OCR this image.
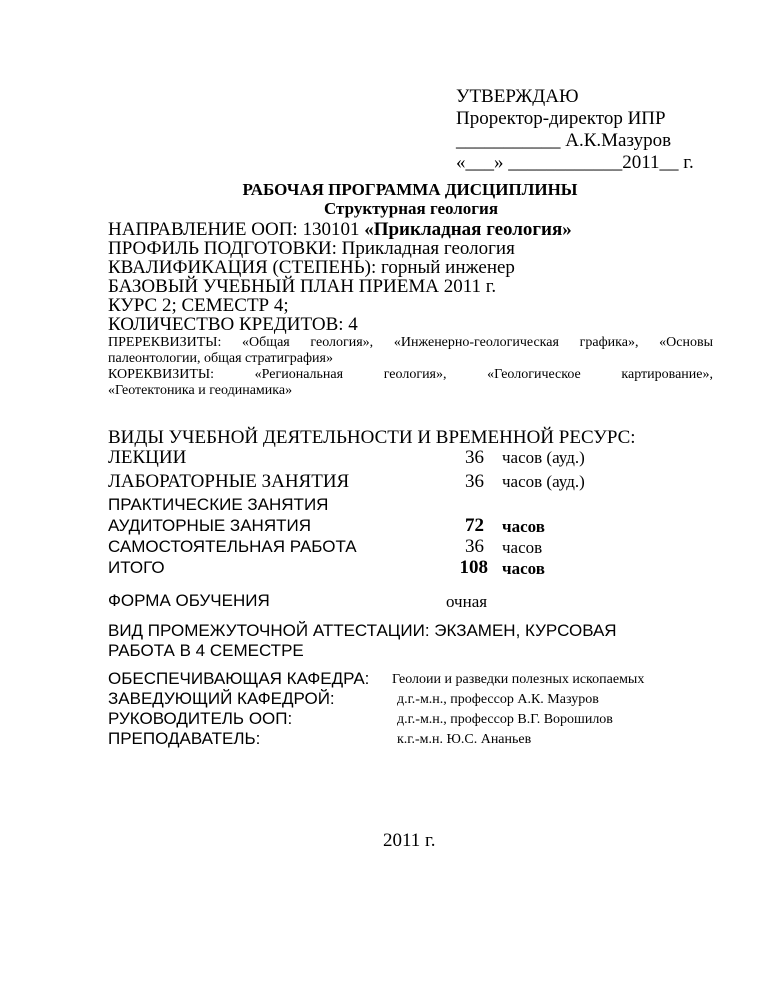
УТВЕРЖДАЮ
Проректор-директор ИПР
___________ А.К.Мазуров
«___» ____________2011__ г.
РАБОЧАЯ ПРОГРАММА ДИСЦИПЛИНЫ
Структурная геология
НАПРАВЛЕНИЕ ООП: 130101 «Прикладная геология»
ПРОФИЛЬ ПОДГОТОВКИ: Прикладная геология
КВАЛИФИКАЦИЯ (СТЕПЕНЬ): горный инженер
БАЗОВЫЙ УЧЕБНЫЙ ПЛАН ПРИЕМА 2011 г.
КУРС 2; СЕМЕСТР 4;
КОЛИЧЕСТВО КРЕДИТОВ: 4
ПРЕРЕКВИЗИТЫ: «Общая геология», «Инженерно-геологическая графика», «Основы
палеонтологии, общая стратиграфия»
КОРЕКВИЗИТЫ: «Региональная геология», «Геологическое картирование»,
«Геотектоника и геодинамика»
ВИДЫ УЧЕБНОЙ ДЕЯТЕЛЬНОСТИ И ВРЕМЕННОЙ РЕСУРС:
ЛЕКЦИИ	36 часов (ауд.)
ЛАБОРАТОРНЫЕ ЗАНЯТИЯ	36 часов (ауд.)
ПРАКТИЧЕСКИЕ ЗАНЯТИЯ
АУДИТОРНЫЕ ЗАНЯТИЯ	72 часов
САМОСТОЯТЕЛЬНАЯ РАБОТА	36 часов
ИТОГО	108 часов
ФОРМА ОБУЧЕНИЯ	очная
ВИД ПРОМЕЖУТОЧНОЙ АТТЕСТАЦИИ: ЭКЗАМЕН, КУРСОВАЯ
РАБОТА В 4 СЕМЕСТРЕ
ОБЕСПЕЧИВАЮЩАЯ КАФЕДРА: Геолоии и разведки полезных ископаемых
ЗАВЕДУЮЩИЙ КАФЕДРОЙ:	д.г.-м.н., профессор А.К. Мазуров
РУКОВОДИТЕЛЬ ООП:	д.г.-м.н., профессор В.Г. Ворошилов
ПРЕПОДАВАТЕЛЬ:	к.г.-м.н. Ю.С. Ананьев
2011 г.
